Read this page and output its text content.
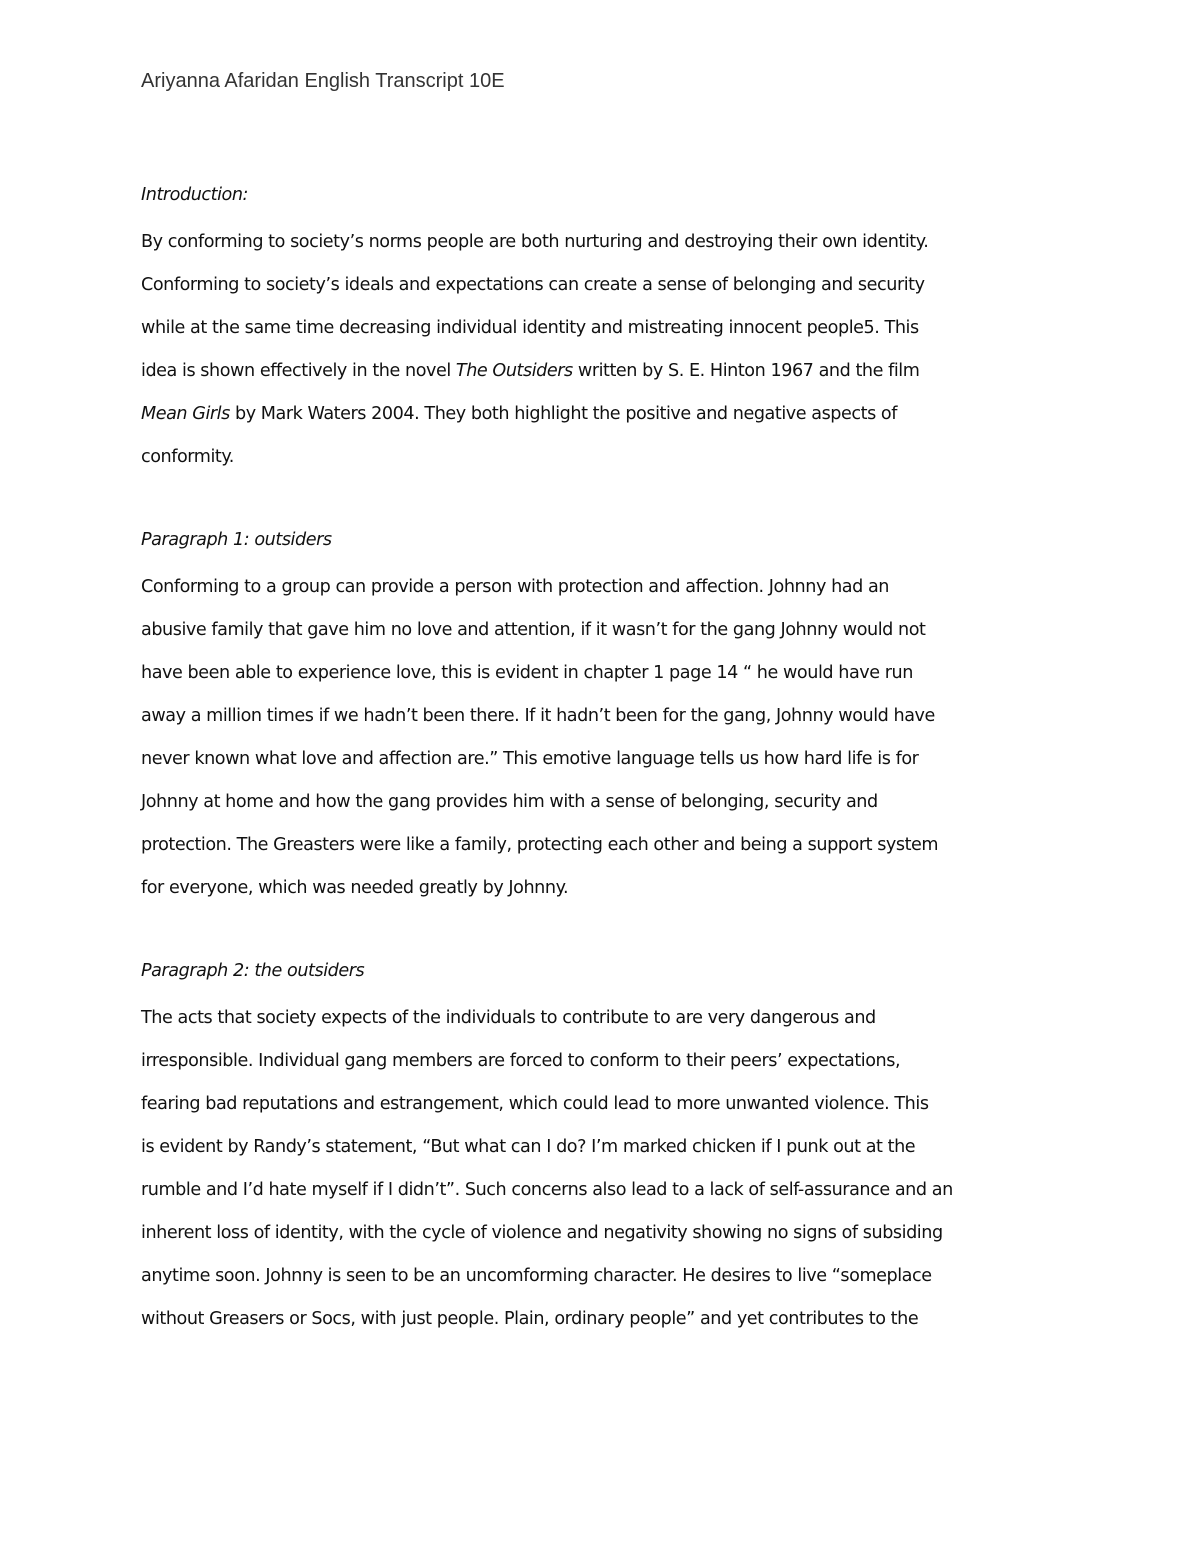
Ariyanna Afaridan English Transcript 10E
Introduction:
By conforming to society’s norms people are both nurturing and destroying their own identity.
Conforming to society’s ideals and expectations can create a sense of belonging and security
while at the same time decreasing individual identity and mistreating innocent people5. This
idea is shown effectively in the novel The Outsiders written by S. E. Hinton 1967 and the film
Mean Girls by Mark Waters 2004. They both highlight the positive and negative aspects of
conformity.
Paragraph 1: outsiders
Conforming to a group can provide a person with protection and affection. Johnny had an
abusive family that gave him no love and attention, if it wasn’t for the gang Johnny would not
have been able to experience love, this is evident in chapter 1 page 14 “ he would have run
away a million times if we hadn’t been there. If it hadn’t been for the gang, Johnny would have
never known what love and affection are.” This emotive language tells us how hard life is for
Johnny at home and how the gang provides him with a sense of belonging, security and
protection. The Greasters were like a family, protecting each other and being a support system
for everyone, which was needed greatly by Johnny.
Paragraph 2: the outsiders
The acts that society expects of the individuals to contribute to are very dangerous and
irresponsible. Individual gang members are forced to conform to their peers’ expectations,
fearing bad reputations and estrangement, which could lead to more unwanted violence. This
is evident by Randy’s statement, “But what can I do? I’m marked chicken if I punk out at the
rumble and I’d hate myself if I didn’t”. Such concerns also lead to a lack of self-assurance and an
inherent loss of identity, with the cycle of violence and negativity showing no signs of subsiding
anytime soon. Johnny is seen to be an uncomforming character. He desires to live “someplace
without Greasers or Socs, with just people. Plain, ordinary people” and yet contributes to the
